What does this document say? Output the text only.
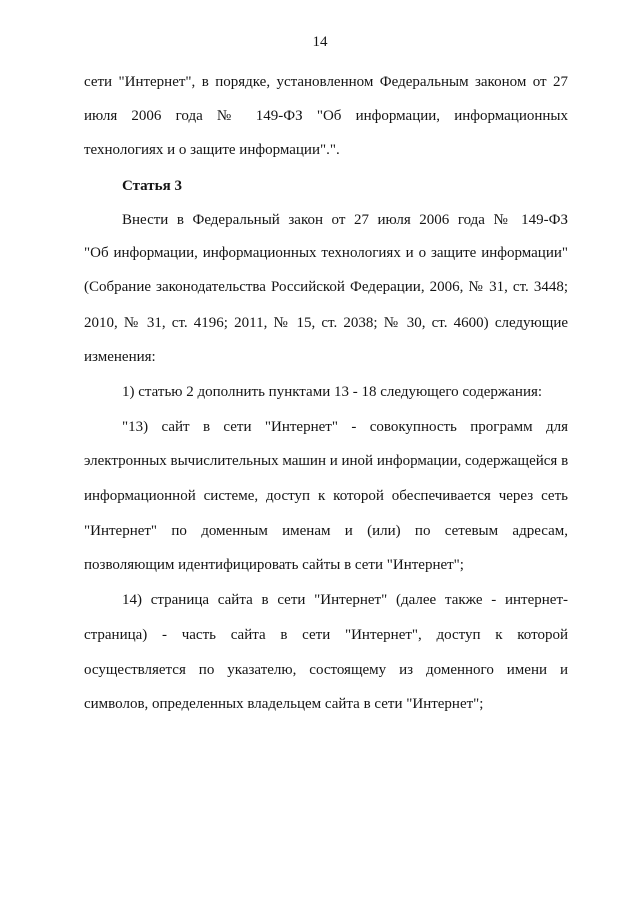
14
сети "Интернет", в порядке, установленном Федеральным законом от 27
июля 2006 года № 149-ФЗ "Об информации, информационных
технологиях и о защите информации".".
Статья 3
Внести в Федеральный закон от 27 июля 2006 года № 149-ФЗ
"Об информации, информационных технологиях и о защите информации"
(Собрание законодательства Российской Федерации, 2006, № 31, ст. 3448;
2010, № 31, ст. 4196; 2011, № 15, ст. 2038; № 30, ст. 4600) следующие
изменения:
1) статью 2 дополнить пунктами 13 - 18 следующего содержания:
"13) сайт в сети "Интернет" - совокупность программ для
электронных вычислительных машин и иной информации, содержащейся в
информационной системе, доступ к которой обеспечивается через сеть
"Интернет" по доменным именам и (или) по сетевым адресам,
позволяющим идентифицировать сайты в сети "Интернет";
14) страница сайта в сети "Интернет" (далее также - интернет-
страница) - часть сайта в сети "Интернет", доступ к которой
осуществляется по указателю, состоящему из доменного имени и
символов, определенных владельцем сайта в сети "Интернет";
